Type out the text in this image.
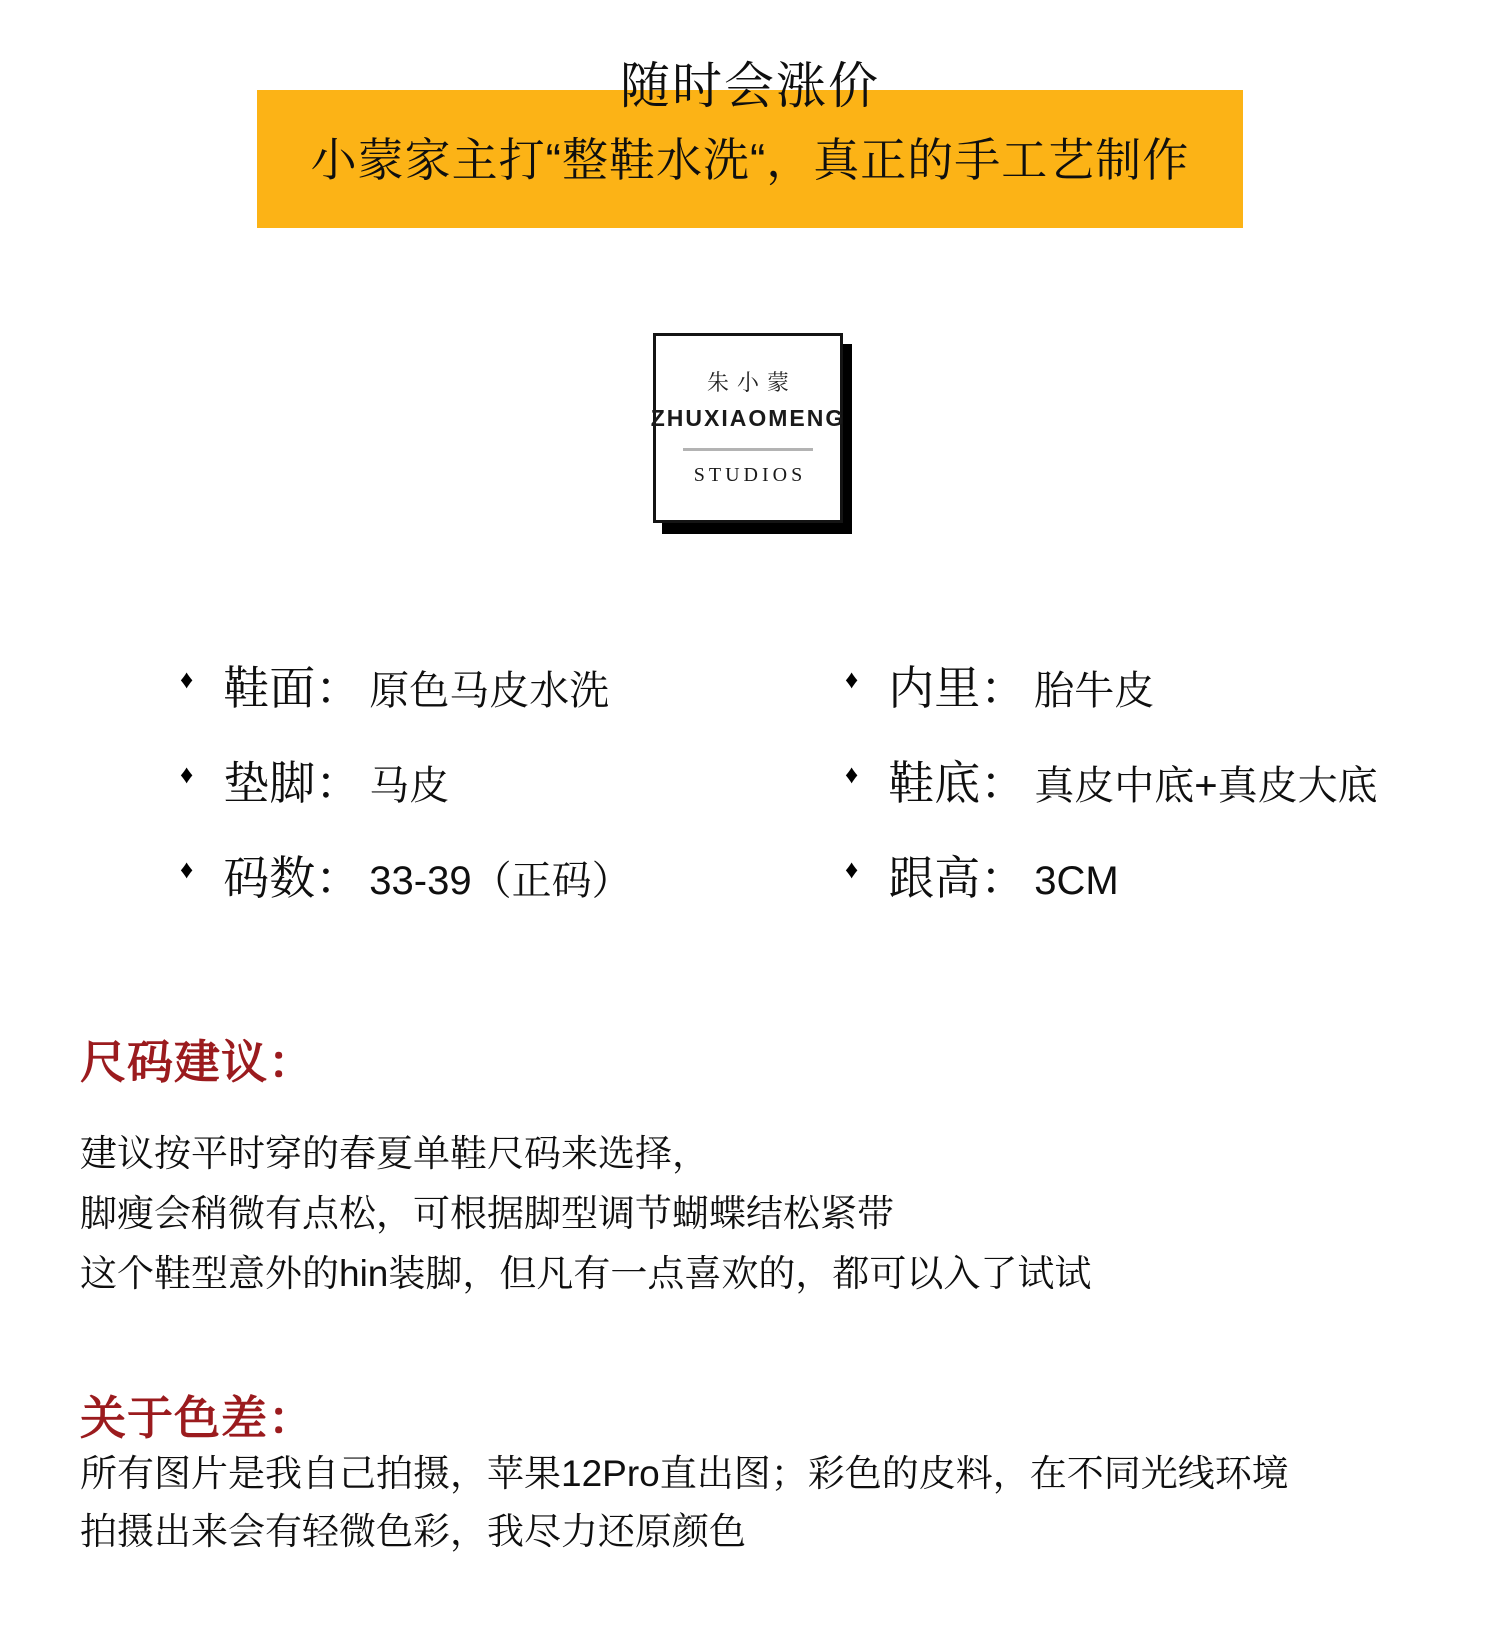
随时会涨价
小蒙家主打“整鞋水洗“，真正的手工艺制作
朱小蒙
ZHUXIAOMENG
STUDIOS
♦ 鞋面： 原色马皮水洗
♦ 垫脚： 马皮
♦ 码数： 33-39（正码）
♦ 内里： 胎牛皮
♦ 鞋底： 真皮中底+真皮大底
♦ 跟高： 3CM
尺码建议：
建议按平时穿的春夏单鞋尺码来选择，
脚瘦会稍微有点松，可根据脚型调节蝴蝶结松紧带
这个鞋型意外的hin装脚，但凡有一点喜欢的，都可以入了试试
关于色差：
所有图片是我自己拍摄，苹果12Pro直出图；彩色的皮料，在不同光线环境
拍摄出来会有轻微色彩，我尽力还原颜色
